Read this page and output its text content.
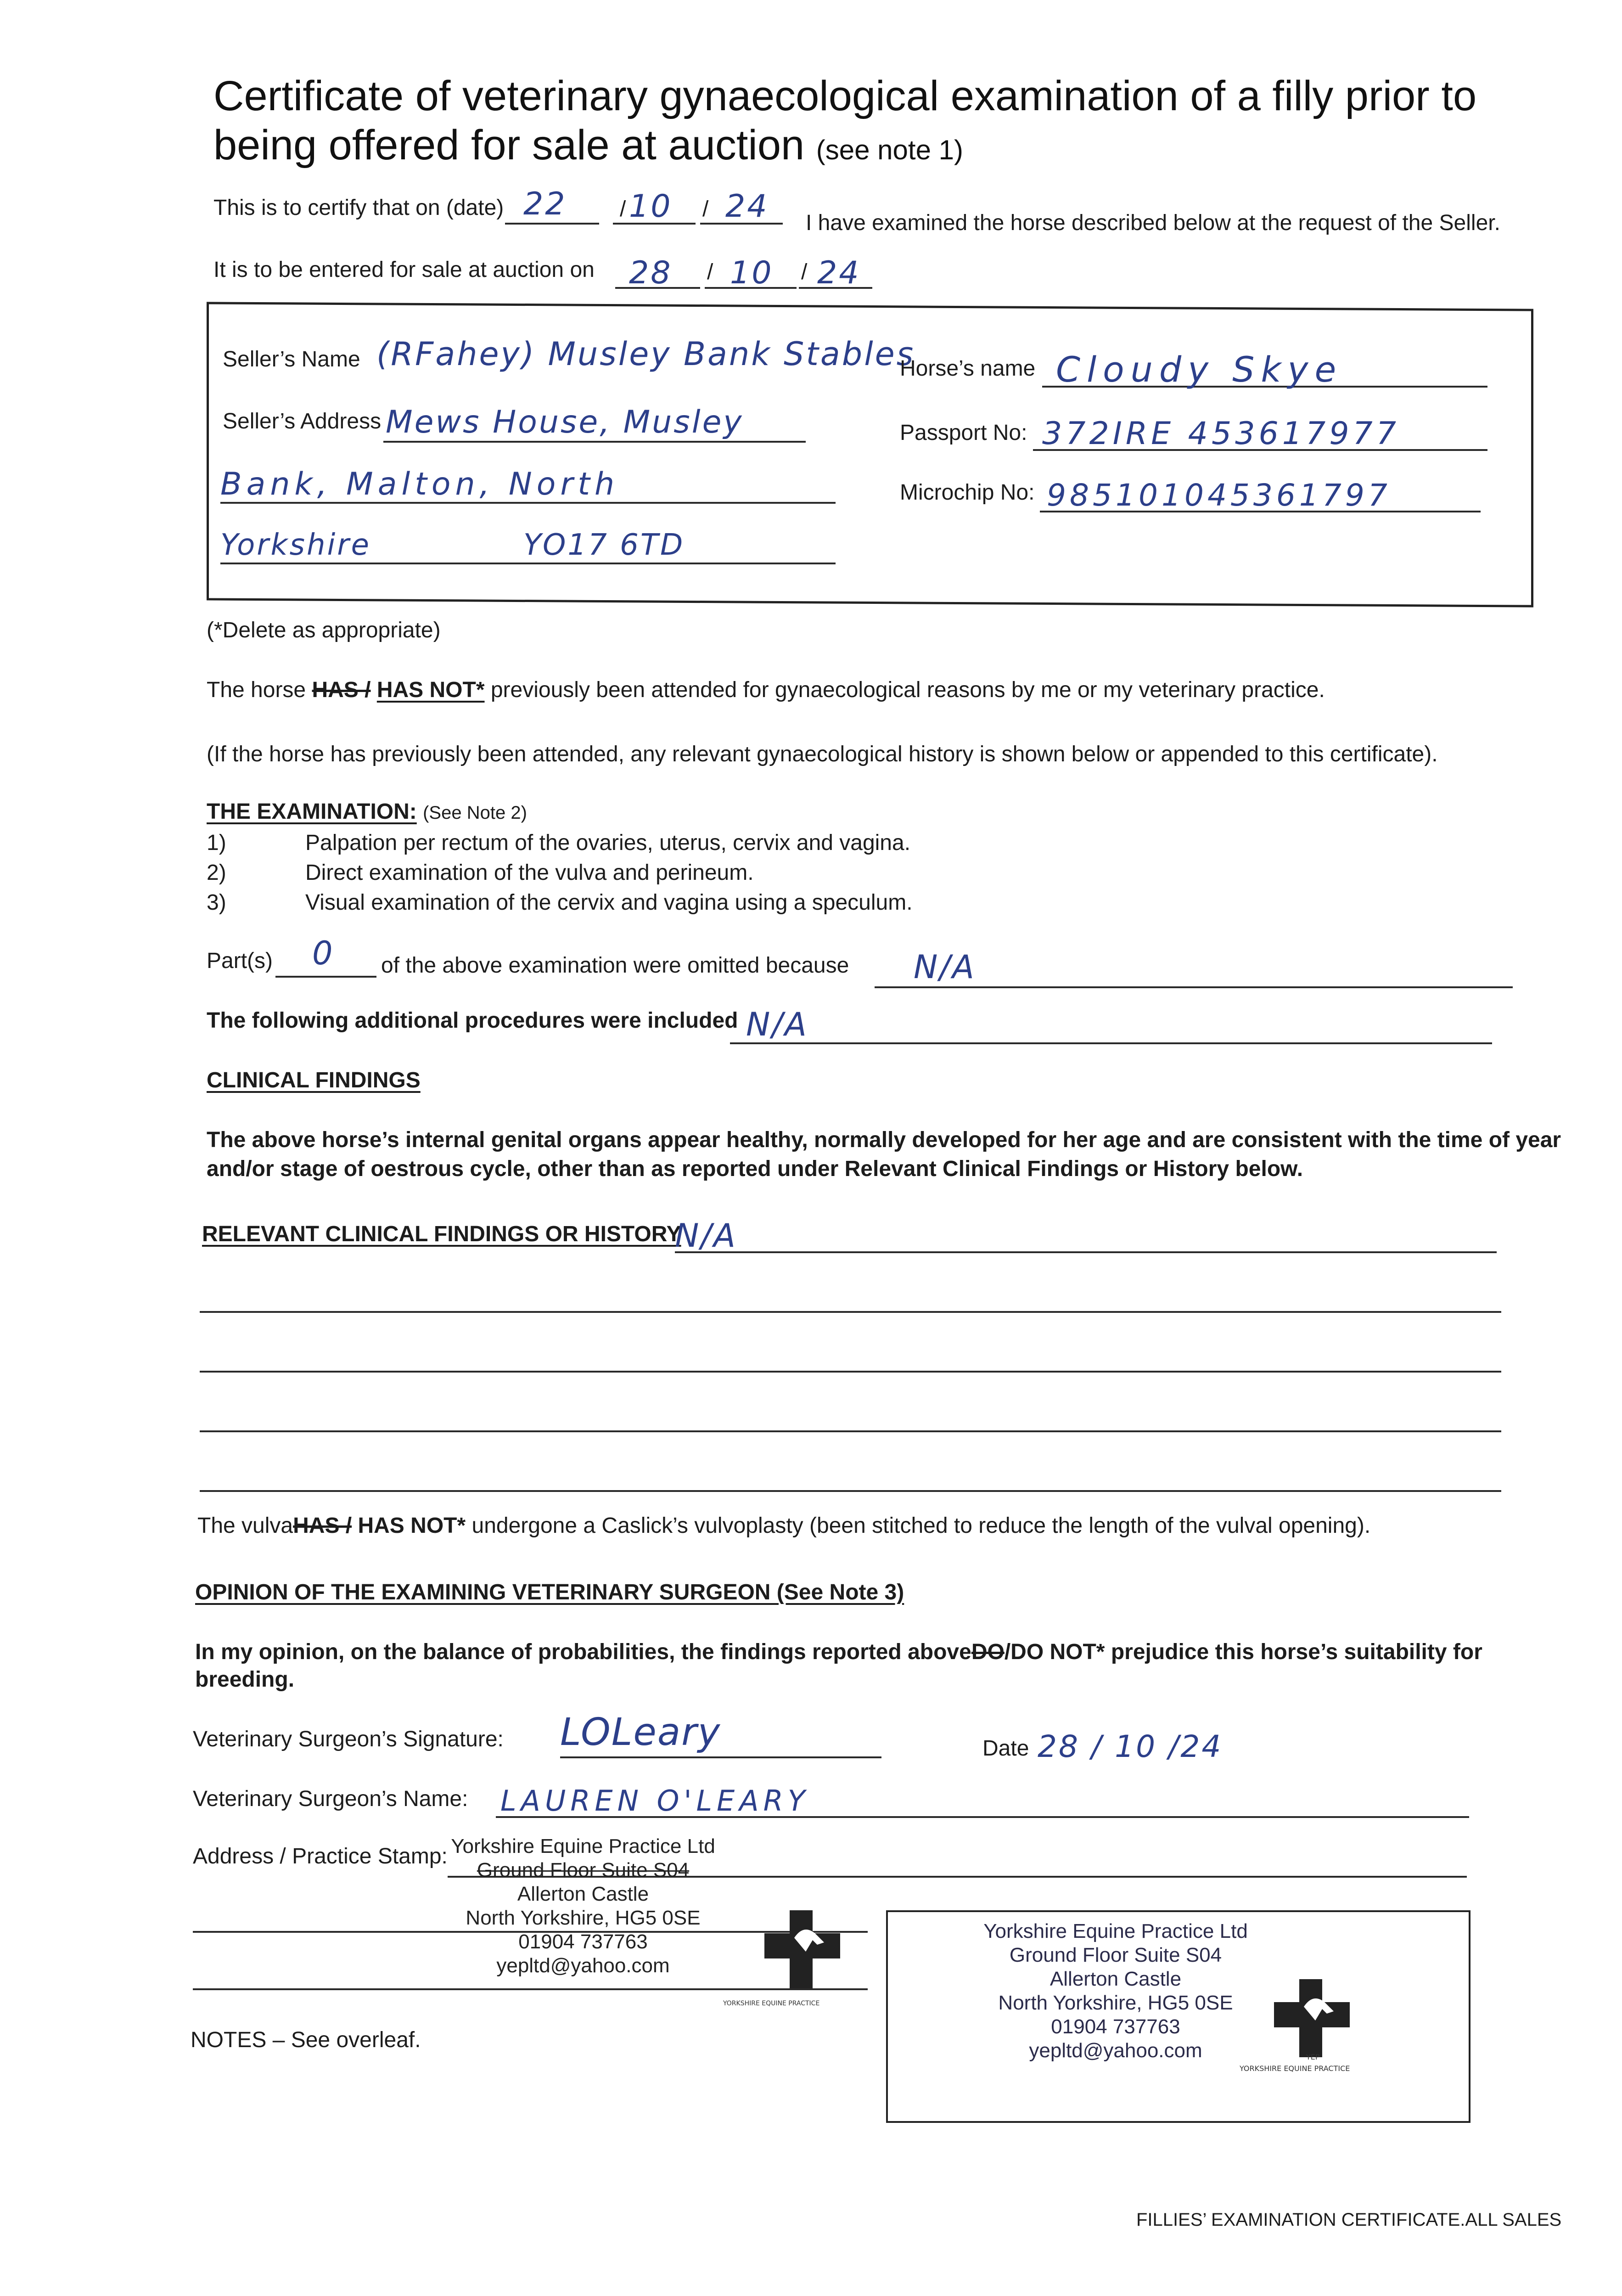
Certificate of veterinary gynaecological examination of a filly prior to
being offered for sale at auction (see note 1)
This is to certify that on (date) 22 / 10 / 24 I have examined the horse described below at the request of the Seller.
It is to be entered for sale at auction on 28 / 10 / 24
Seller’s Name (RFahey) Musley Bank Stables
Horse’s name Cloudy Skye
Seller’s Address Mews House, Musley	Passport No: 372IRE 453617977
Bank, Malton, North	Microchip No: 985101045361797
Yorkshire	YO17 6TD
(*Delete as appropriate)
The horse HAS / HAS NOT* previously been attended for gynaecological reasons by me or my veterinary practice.
(If the horse has previously been attended, any relevant gynaecological history is shown below or appended to this certificate).
THE EXAMINATION: (See Note 2)
1)	Palpation per rectum of the ovaries, uterus, cervix and vagina.
2)	Direct examination of the vulva and perineum.
3)	Visual examination of the cervix and vagina using a speculum.
Part(s) 0 of the above examination were omitted because N/A
The following additional procedures were included N/A
CLINICAL FINDINGS
The above horse’s internal genital organs appear healthy, normally developed for her age and are consistent with the time of year
and/or stage of oestrous cycle, other than as reported under Relevant Clinical Findings or History below.
RELEVANT CLINICAL FINDINGS OR HISTORY
N/A
The vulvaHAS / HAS NOT* undergone a Caslick’s vulvoplasty (been stitched to reduce the length of the vulval opening).
OPINION OF THE EXAMINING VETERINARY SURGEON (See Note 3)
In my opinion, on the balance of probabilities, the findings reported aboveDO/DO NOT* prejudice this horse’s suitability for
breeding.
Veterinary Surgeon’s Signature: LOLeary	Date 28 / 10 /24
Veterinary Surgeon’s Name: LAUREN O'LEARY
Address / Practice Stamp: Yorkshire Equine Practice Ltd
Ground Floor Suite S04
Allerton Castle
North Yorkshire, HG5 0SE
01904 737763
yepltd@yahoo.com
YORKSHIRE EQUINE PRACTICE
Yorkshire Equine Practice Ltd
Ground Floor Suite S04
Allerton Castle
North Yorkshire, HG5 0SE
01904 737763
yepltd@yahoo.com	YEP
YORKSHIRE EQUINE PRACTICE
NOTES – See overleaf.
FILLIES’ EXAMINATION CERTIFICATE.ALL SALES
